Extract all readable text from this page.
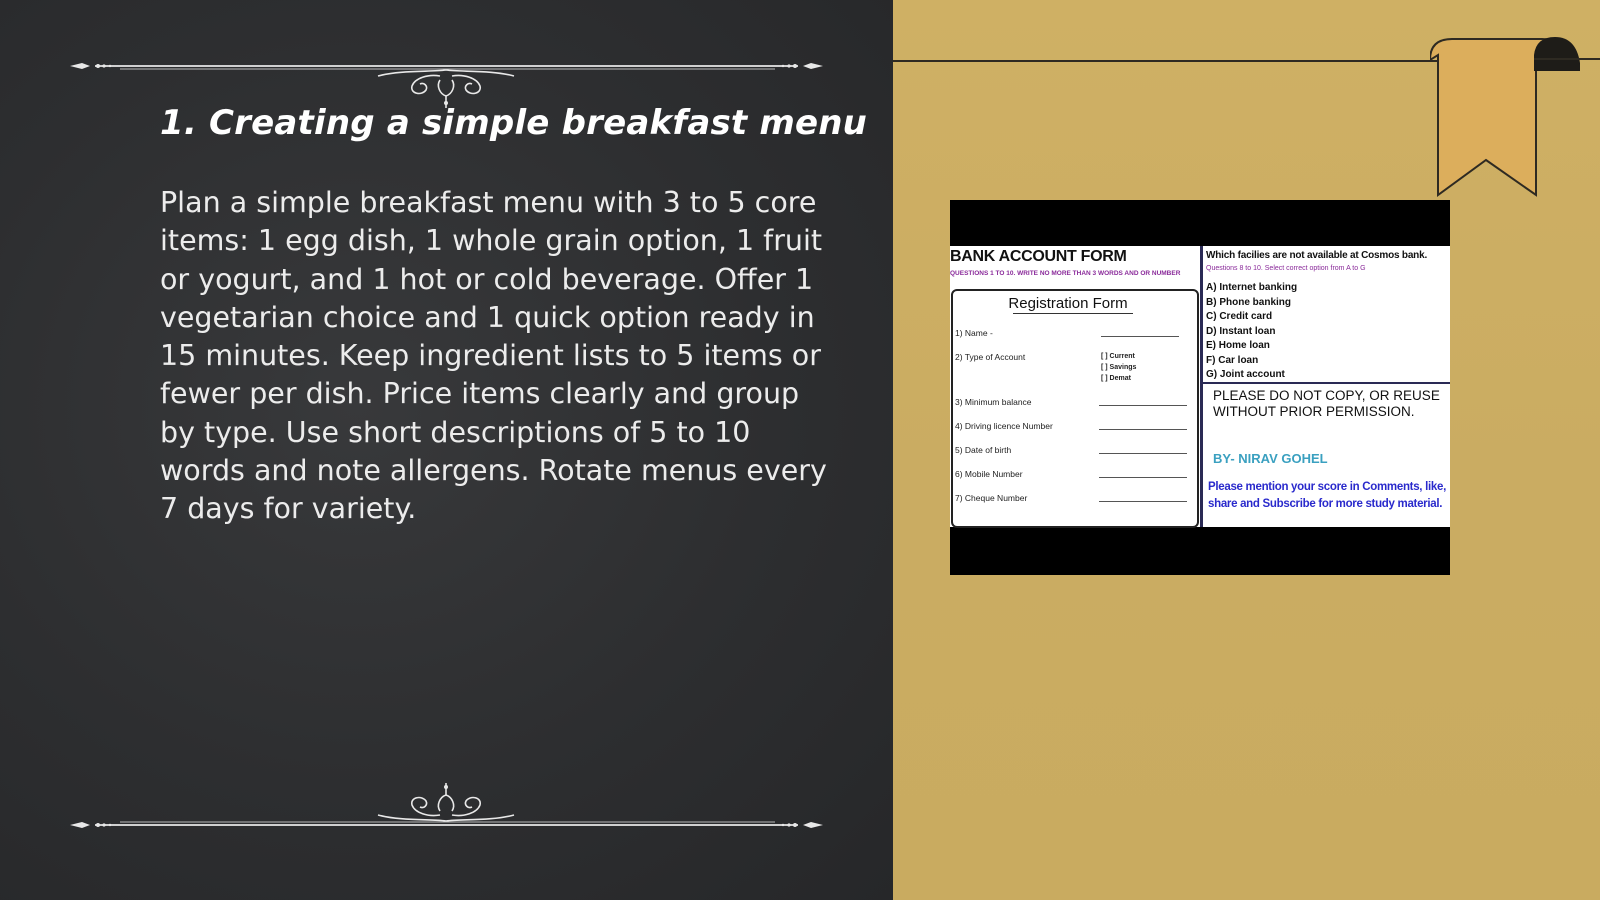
1. Creating a simple breakfast menu

Plan a simple breakfast menu with 3 to 5 core items: 1 egg dish, 1 whole grain option, 1 fruit or yogurt, and 1 hot or cold beverage. Offer 1 vegetarian choice and 1 quick option ready in 15 minutes. Keep ingredient lists to 5 items or fewer per dish. Price items clearly and group by type. Use short descriptions of 5 to 10 words and note allergens. Rotate menus every 7 days for variety.

BANK ACCOUNT FORM
QUESTIONS 1 TO 10. WRITE NO MORE THAN 3 WORDS AND OR NUMBER
Registration Form
1) Name -
2) Type of Account	[ ] Current
[ ] Savings
[ ] Demat
3) Minimum balance
4) Driving licence Number
5) Date of birth
6) Mobile Number
7) Cheque Number
Which facilies are not available at Cosmos bank.
Questions 8 to 10. Select correct option from A to G
A) Internet banking
B) Phone banking
C) Credit card
D) Instant loan
E) Home loan
F) Car loan
G) Joint account
PLEASE DO NOT COPY, OR REUSE WITHOUT PRIOR PERMISSION.
BY- NIRAV GOHEL
Please mention your score in Comments, like, share and Subscribe for more study material.
